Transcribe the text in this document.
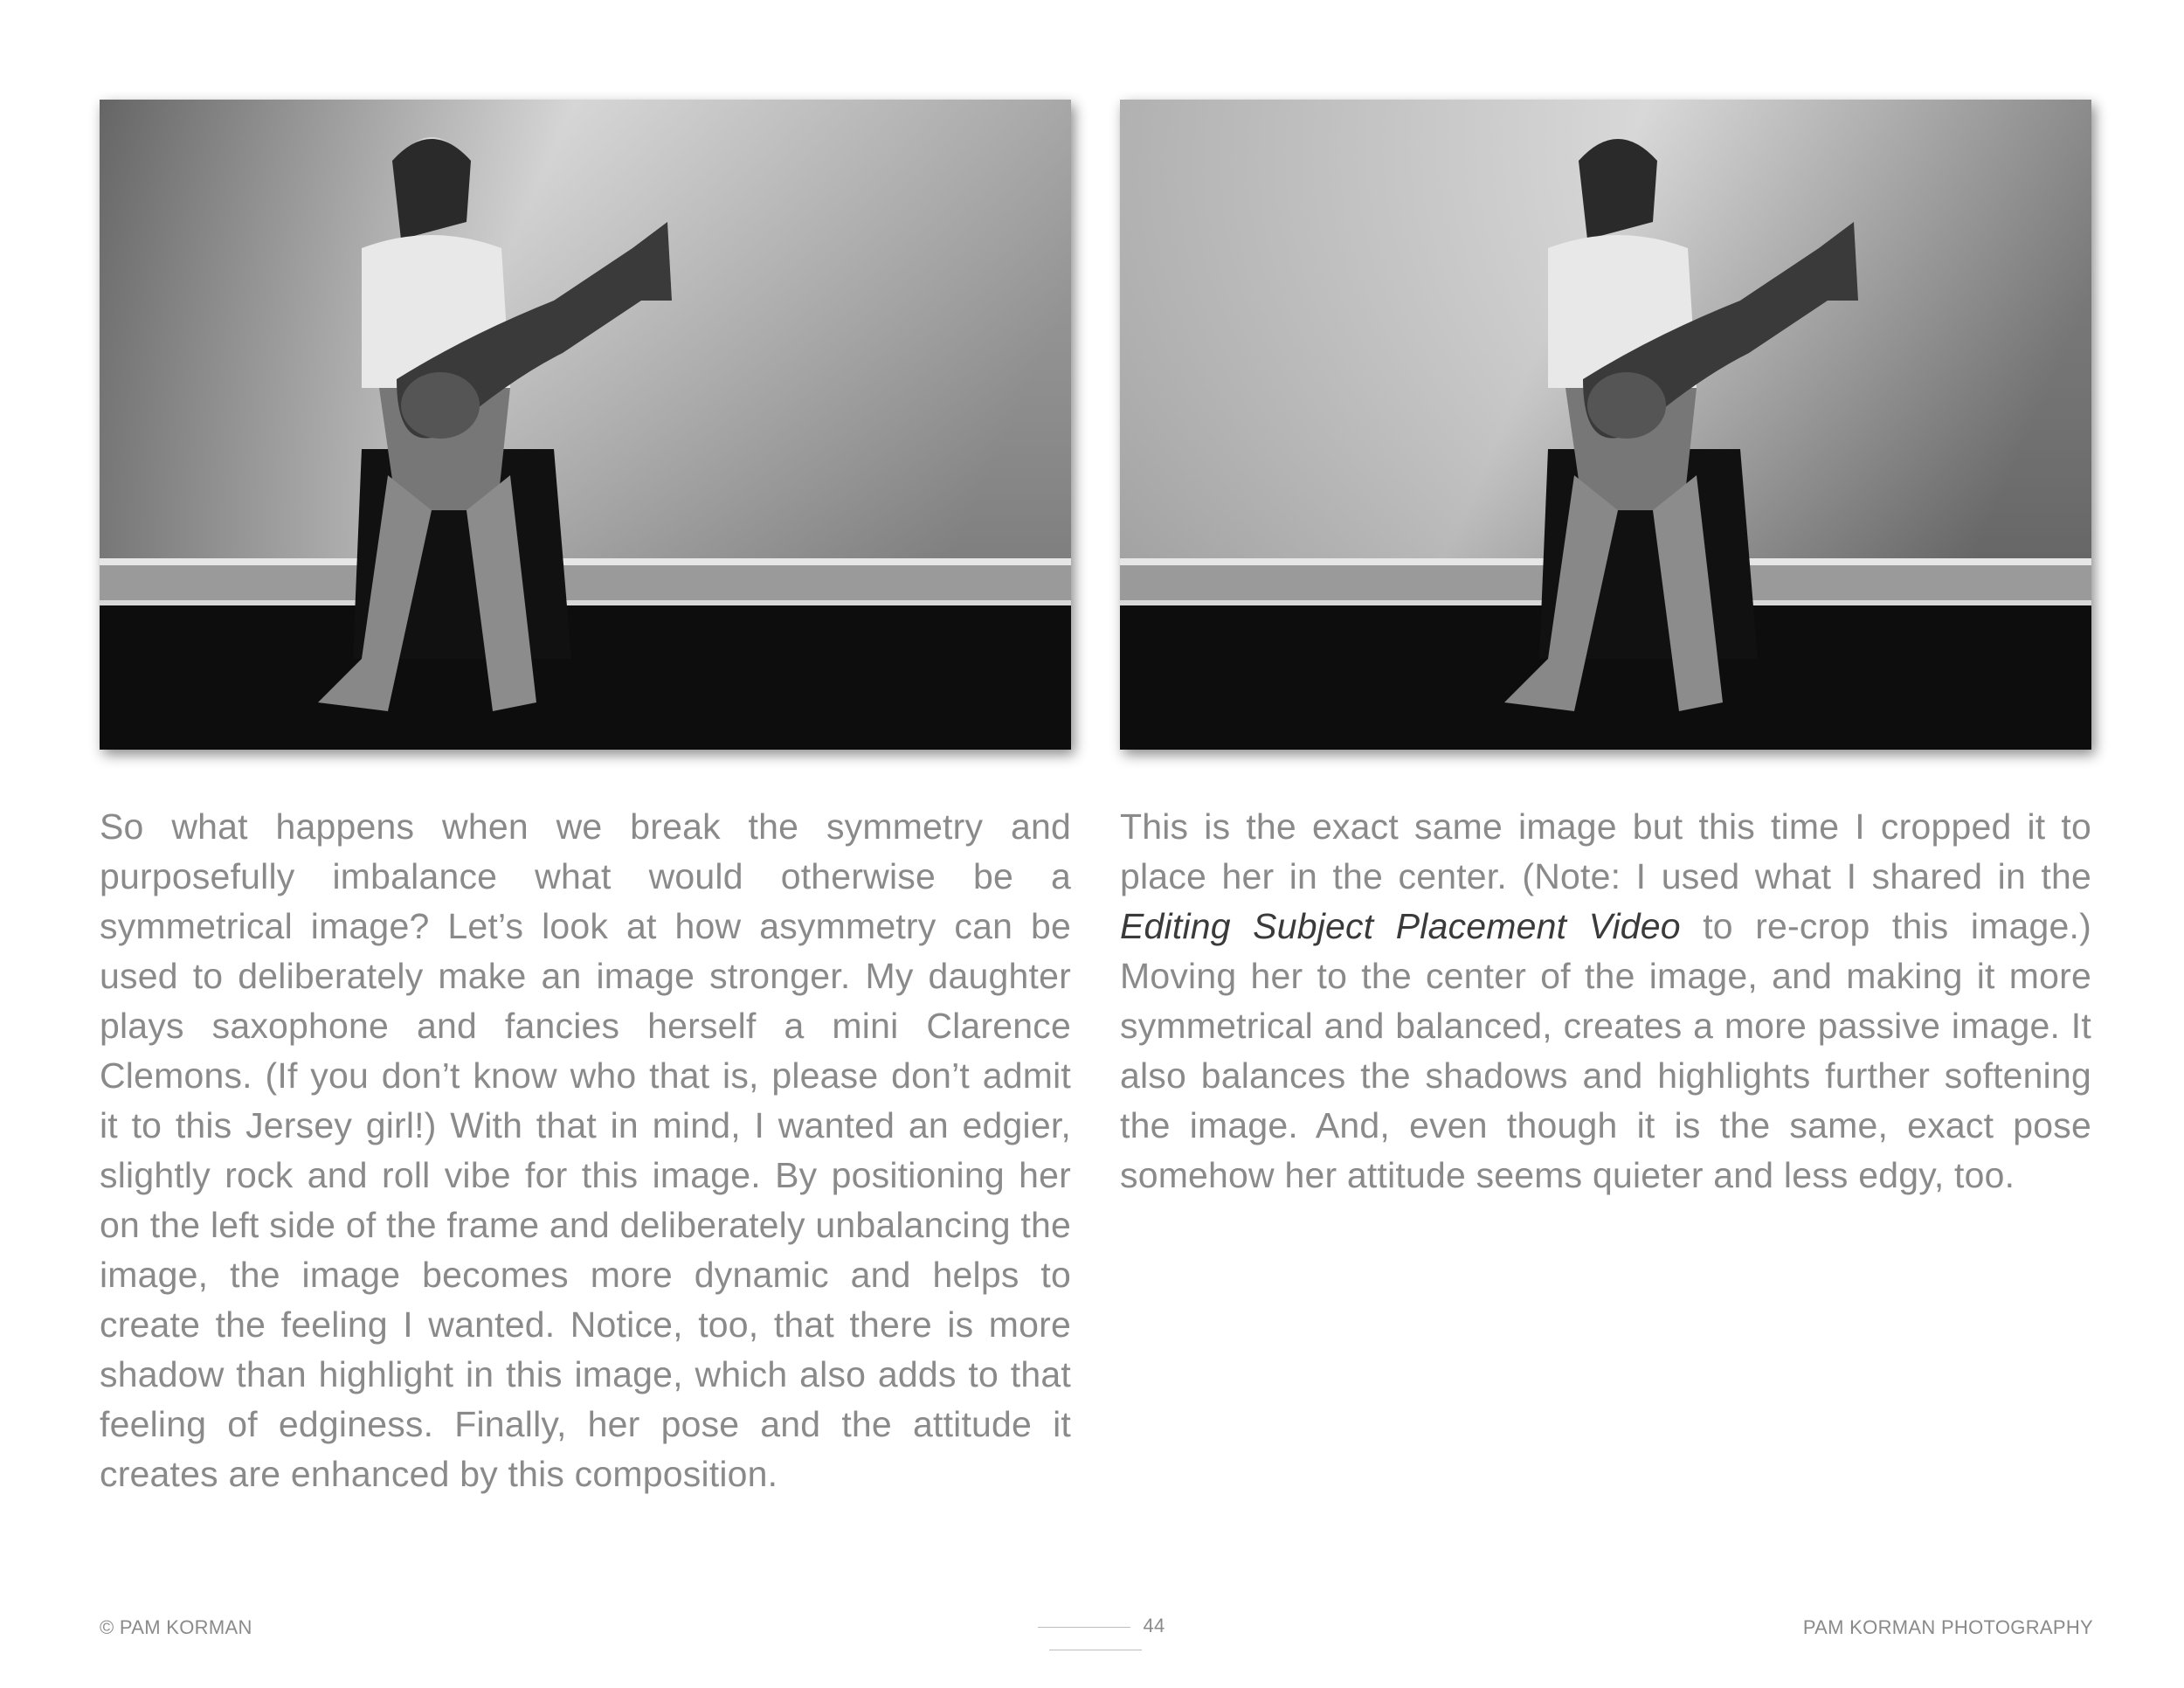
So what happens when we break the symmetry and purposefully imbalance what would otherwise be a symmetrical image? Let’s look at how asymmetry can be used to deliberately make an image stronger. My daughter plays saxophone and fancies herself a mini Clarence Clemons. (If you don’t know who that is, please don’t admit it to this Jersey girl!) With that in mind, I wanted an edgier, slightly rock and roll vibe for this image. By positioning her on the left side of the frame and deliberately unbalancing the image, the image becomes more dynamic and helps to create the feeling I wanted. Notice, too, that there is more shadow than highlight in this image, which also adds to that feeling of edginess. Finally, her pose and the attitude it creates are enhanced by this composition.
This is the exact same image but this time I cropped it to place her in the center. (Note: I used what I shared in the Editing Subject Placement Video to re-crop this image.) Moving her to the center of the image, and making it more symmetrical and balanced, creates a more passive image. It also balances the shadows and highlights further softening the image. And, even though it is the same, exact pose somehow her attitude seems quieter and less edgy, too.
© PAM KORMAN	44	PAM KORMAN PHOTOGRAPHY
